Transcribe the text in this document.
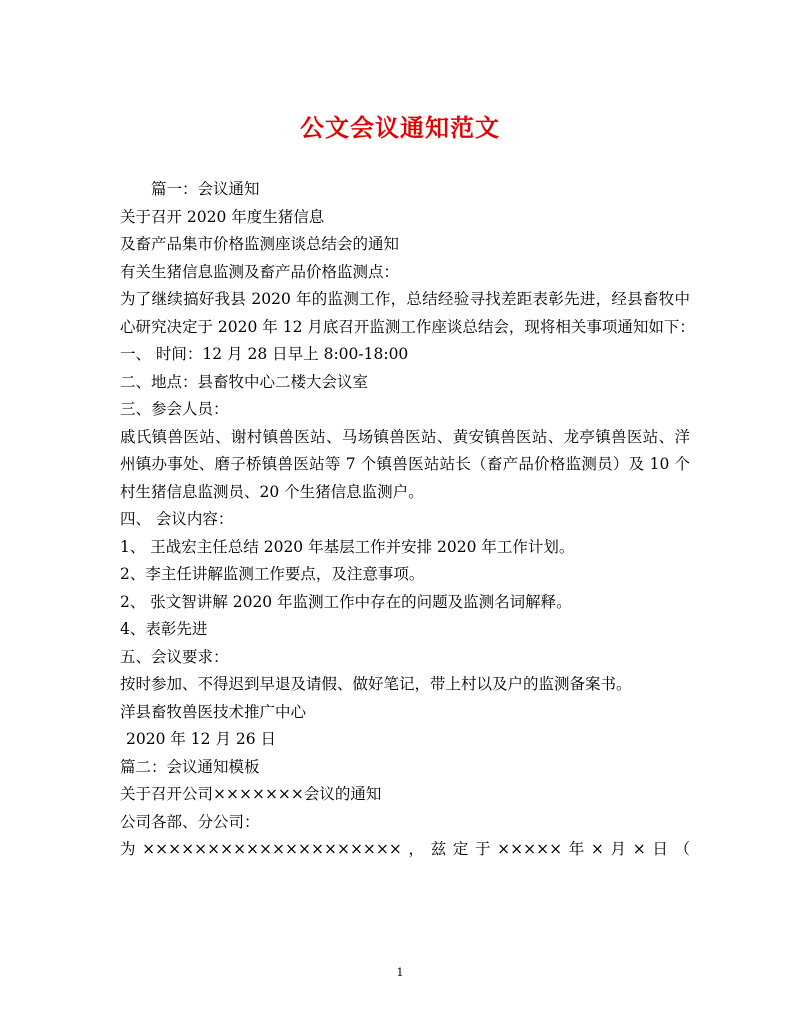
公文会议通知范文
篇一：会议通知
关于召开 2020 年度生猪信息
及畜产品集市价格监测座谈总结会的通知
有关生猪信息监测及畜产品价格监测点：
为了继续搞好我县 2020 年的监测工作，总结经验寻找差距表彰先进，经县畜牧中
心研究决定于 2020 年 12 月底召开监测工作座谈总结会，现将相关事项通知如下：
一、 时间：12 月 28 日早上 8:00-18:00
二、地点：县畜牧中心二楼大会议室
三、参会人员：
戚氏镇兽医站、谢村镇兽医站、马场镇兽医站、黄安镇兽医站、龙亭镇兽医站、洋
州镇办事处、磨子桥镇兽医站等 7 个镇兽医站站长（畜产品价格监测员）及 10 个
村生猪信息监测员、20 个生猪信息监测户。
四、 会议内容：
1、 王战宏主任总结 2020 年基层工作并安排 2020 年工作计划。
2、李主任讲解监测工作要点，及注意事项。
2、 张文智讲解 2020 年监测工作中存在的问题及监测名词解释。
4、表彰先进
五、会议要求：
按时参加、不得迟到早退及请假、做好笔记，带上村以及户的监测备案书。
洋县畜牧兽医技术推广中心
2020 年 12 月 26 日
篇二：会议通知模板
关于召开公司×××××××会议的通知
公司各部、分公司：
为××××××××××××××××××××，兹定于×××××年×月×日（
1
